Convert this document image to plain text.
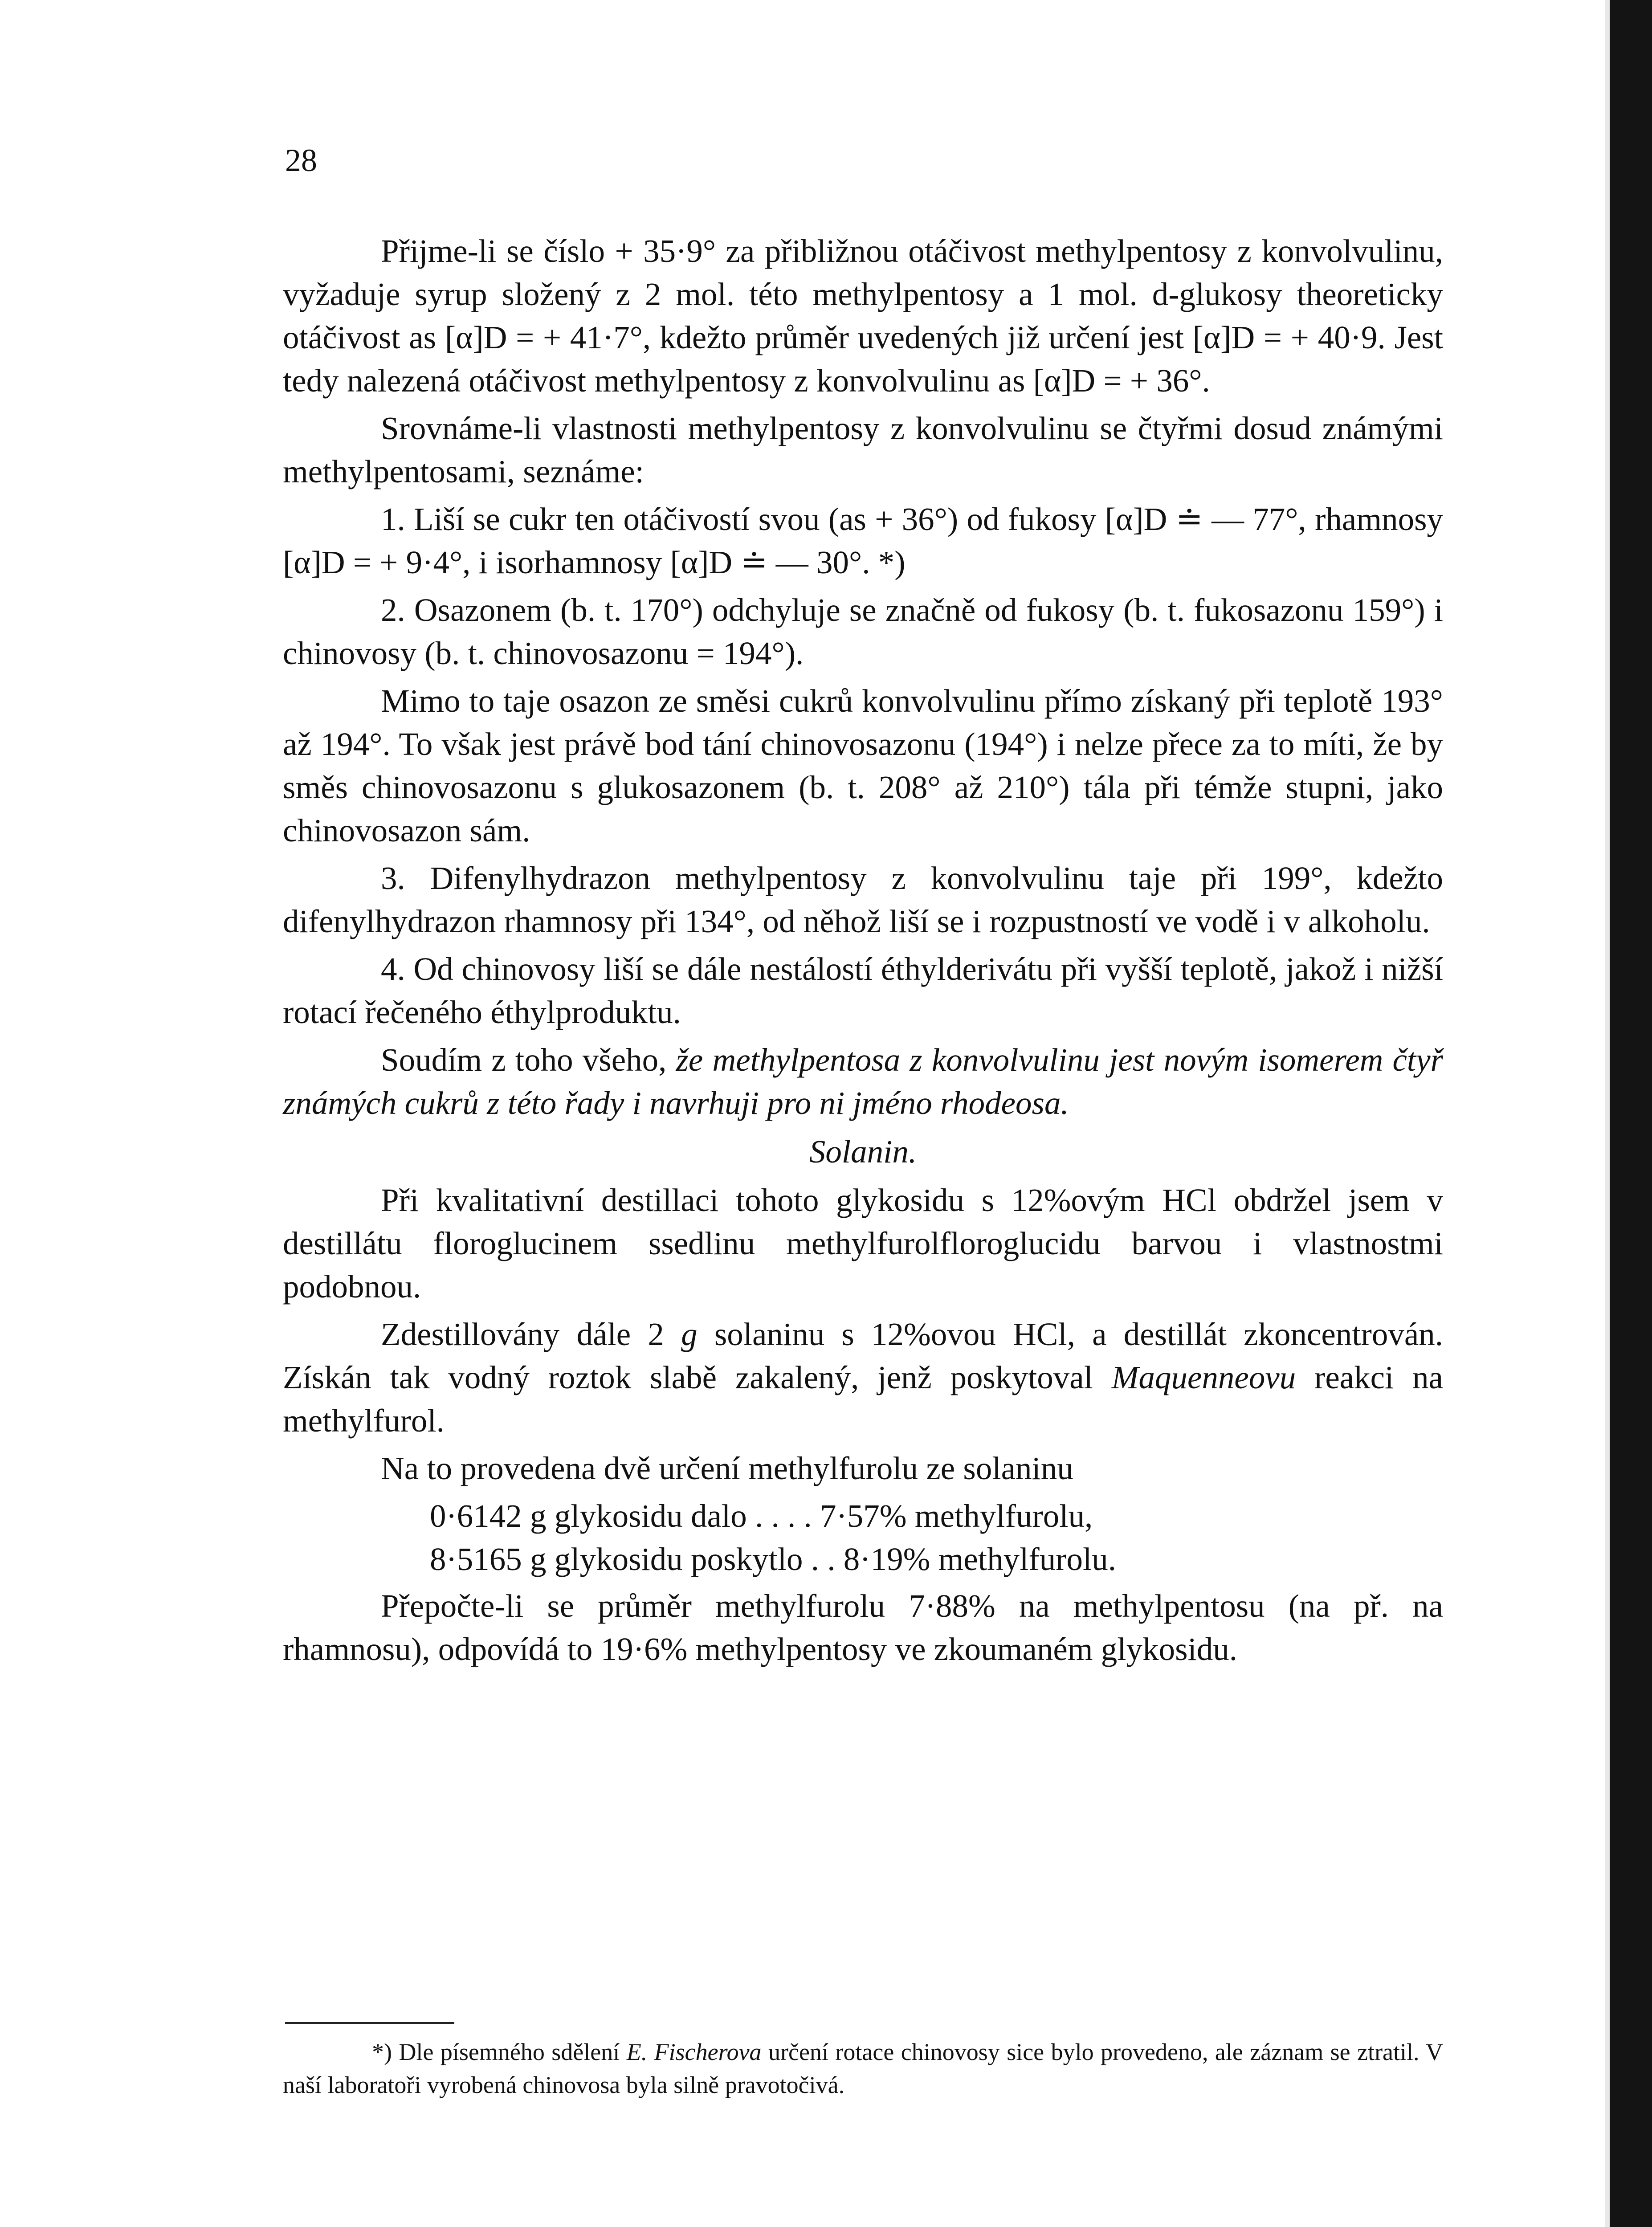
28

Přijme-li se číslo + 35·9° za přibližnou otáčivost methylpentosy z konvolvulinu, vyžaduje syrup složený z 2 mol. této methylpentosy a 1 mol. d-glukosy theoreticky otáčivost as [α]D = + 41·7°, kdežto průměr uvedených již určení jest [α]D = + 40·9. Jest tedy nalezená otáčivost methylpentosy z konvolvulinu as [α]D = + 36°.

Srovnáme-li vlastnosti methylpentosy z konvolvulinu se čtyřmi dosud známými methylpentosami, seznáme:

1. Liší se cukr ten otáčivostí svou (as + 36°) od fukosy [α]D ≐ — 77°, rhamnosy [α]D = + 9·4°, i isorhamnosy [α]D ≐ — 30°. *)

2. Osazonem (b. t. 170°) odchyluje se značně od fukosy (b. t. fukosazonu 159°) i chinovosy (b. t. chinovosazonu = 194°).

Mimo to taje osazon ze směsi cukrů konvolvulinu přímo získaný při teplotě 193° až 194°. To však jest právě bod tání chinovosazonu (194°) i nelze přece za to míti, že by směs chinovosazonu s glukosazonem (b. t. 208° až 210°) tála při témže stupni, jako chinovosazon sám.

3. Difenylhydrazon methylpentosy z konvolvulinu taje při 199°, kdežto difenylhydrazon rhamnosy při 134°, od něhož liší se i rozpustností ve vodě i v alkoholu.

4. Od chinovosy liší se dále nestálostí éthylderivátu při vyšší teplotě, jakož i nižší rotací řečeného éthylproduktu.

Soudím z toho všeho, že methylpentosa z konvolvulinu jest novým isomerem čtyř známých cukrů z této řady i navrhuji pro ni jméno rhodeosa.

Solanin.

Při kvalitativní destillaci tohoto glykosidu s 12%ovým HCl obdržel jsem v destillátu floroglucinem ssedlinu methylfurolfloroglucidu barvou i vlastnostmi podobnou.

Zdestillovány dále 2 g solaninu s 12%ovou HCl, a destillát zkoncentrován. Získán tak vodný roztok slabě zakalený, jenž poskytoval Maquenneovu reakci na methylfurol.

Na to provedena dvě určení methylfurolu ze solaninu

0·6142 g glykosidu dalo . . . . 7·57% methylfurolu,
8·5165 g glykosidu poskytlo . . 8·19% methylfurolu.

Přepočte-li se průměr methylfurolu 7·88% na methylpentosu (na př. na rhamnosu), odpovídá to 19·6% methylpentosy ve zkoumaném glykosidu.

*) Dle písemného sdělení E. Fischerova určení rotace chinovosy sice bylo provedeno, ale záznam se ztratil. V naší laboratoři vyrobená chinovosa byla silně pravotočivá.
